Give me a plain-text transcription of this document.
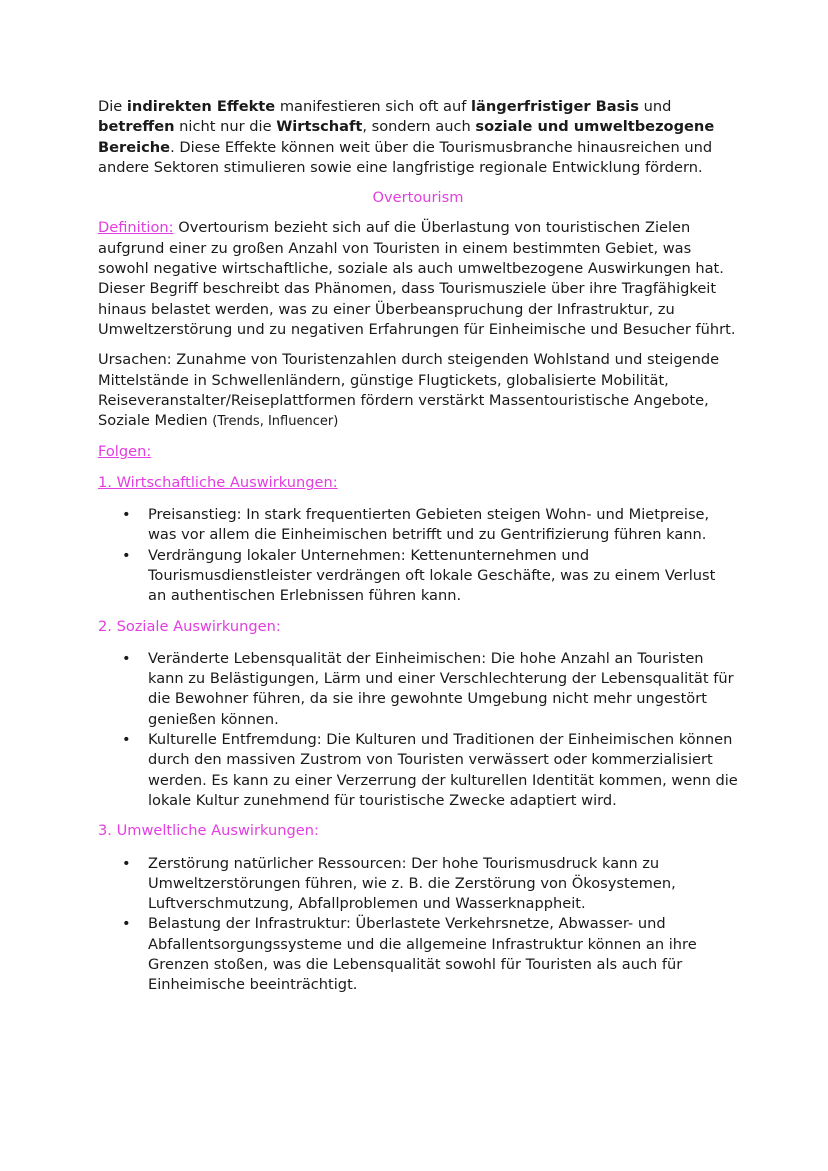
Die indirekten Effekte manifestieren sich oft auf längerfristiger Basis und betreffen nicht nur die Wirtschaft, sondern auch soziale und umweltbezogene Bereiche. Diese Effekte können weit über die Tourismusbranche hinausreichen und andere Sektoren stimulieren sowie eine langfristige regionale Entwicklung fördern.

Overtourism

Definition: Overtourism bezieht sich auf die Überlastung von touristischen Zielen aufgrund einer zu großen Anzahl von Touristen in einem bestimmten Gebiet, was sowohl negative wirtschaftliche, soziale als auch umweltbezogene Auswirkungen hat. Dieser Begriff beschreibt das Phänomen, dass Tourismusziele über ihre Tragfähigkeit hinaus belastet werden, was zu einer Überbeanspruchung der Infrastruktur, zu Umweltzerstörung und zu negativen Erfahrungen für Einheimische und Besucher führt.

Ursachen: Zunahme von Touristenzahlen durch steigenden Wohlstand und steigende Mittelstände in Schwellenländern, günstige Flugtickets, globalisierte Mobilität, Reiseveranstalter/Reiseplattformen fördern verstärkt Massentouristische Angebote, Soziale Medien (Trends, Influencer)

Folgen:

1. Wirtschaftliche Auswirkungen:

• Preisanstieg: In stark frequentierten Gebieten steigen Wohn- und Mietpreise, was vor allem die Einheimischen betrifft und zu Gentrifizierung führen kann.
• Verdrängung lokaler Unternehmen: Kettenunternehmen und Tourismusdienstleister verdrängen oft lokale Geschäfte, was zu einem Verlust an authentischen Erlebnissen führen kann.

2. Soziale Auswirkungen:

• Veränderte Lebensqualität der Einheimischen: Die hohe Anzahl an Touristen kann zu Belästigungen, Lärm und einer Verschlechterung der Lebensqualität für die Bewohner führen, da sie ihre gewohnte Umgebung nicht mehr ungestört genießen können.
• Kulturelle Entfremdung: Die Kulturen und Traditionen der Einheimischen können durch den massiven Zustrom von Touristen verwässert oder kommerzialisiert werden. Es kann zu einer Verzerrung der kulturellen Identität kommen, wenn die lokale Kultur zunehmend für touristische Zwecke adaptiert wird.

3. Umweltliche Auswirkungen:

• Zerstörung natürlicher Ressourcen: Der hohe Tourismusdruck kann zu Umweltzerstörungen führen, wie z. B. die Zerstörung von Ökosystemen, Luftverschmutzung, Abfallproblemen und Wasserknappheit.
• Belastung der Infrastruktur: Überlastete Verkehrsnetze, Abwasser- und Abfallentsorgungssysteme und die allgemeine Infrastruktur können an ihre Grenzen stoßen, was die Lebensqualität sowohl für Touristen als auch für Einheimische beeinträchtigt.
